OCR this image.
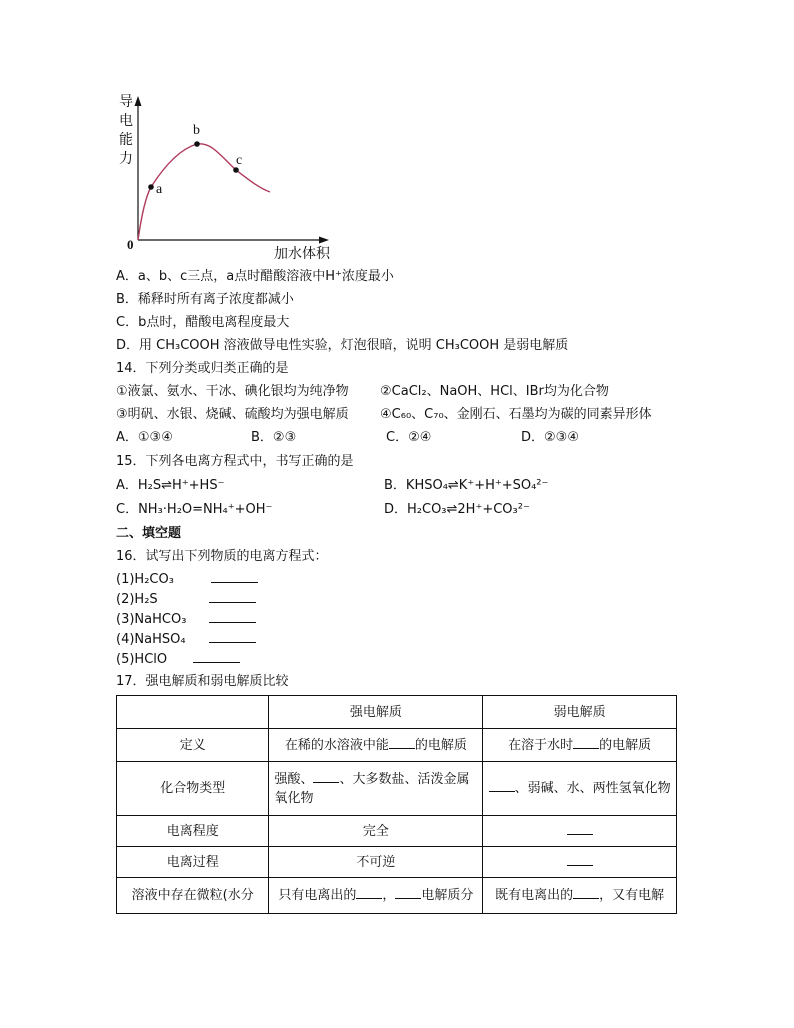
导
电
能
力
0
加水体积
a
b
c
A．a、b、c三点，a点时醋酸溶液中H⁺浓度最小
B．稀释时所有离子浓度都减小
C．b点时，醋酸电离程度最大
D．用 CH₃COOH 溶液做导电性实验，灯泡很暗，说明 CH₃COOH 是弱电解质
14．下列分类或归类正确的是
①液氯、氨水、干冰、碘化银均为纯净物 ②CaCl₂、NaOH、HCl、IBr均为化合物
③明矾、水银、烧碱、硫酸均为强电解质 ④C₆₀、C₇₀、金刚石、石墨均为碳的同素异形体
A．①③④	B．②③	C．②④	D．②③④
15．下列各电离方程式中，书写正确的是
A．H₂S⇌H⁺+HS⁻	B．KHSO₄⇌K⁺+H⁺+SO₄²⁻
C．NH₃·H₂O=NH₄⁺+OH⁻	D．H₂CO₃⇌2H⁺+CO₃²⁻
二、填空题
16．试写出下列物质的电离方程式：
(1)H₂CO₃
(2)H₂S
(3)NaHCO₃
(4)NaHSO₄
(5)HClO
17．强电解质和弱电解质比较
	强电解质	弱电解质
定义	在稀的水溶液中能 的电解质	在溶于水时 的电解质
化合物类型	强酸、 、大多数盐、活泼金属氧化物	、弱碱、水、两性氢氧化物
电离程度	完全	
电离过程	不可逆	
溶液中存在微粒(水分	只有电离出的 ， 电解质分	既有电离出的 ，又有电解
